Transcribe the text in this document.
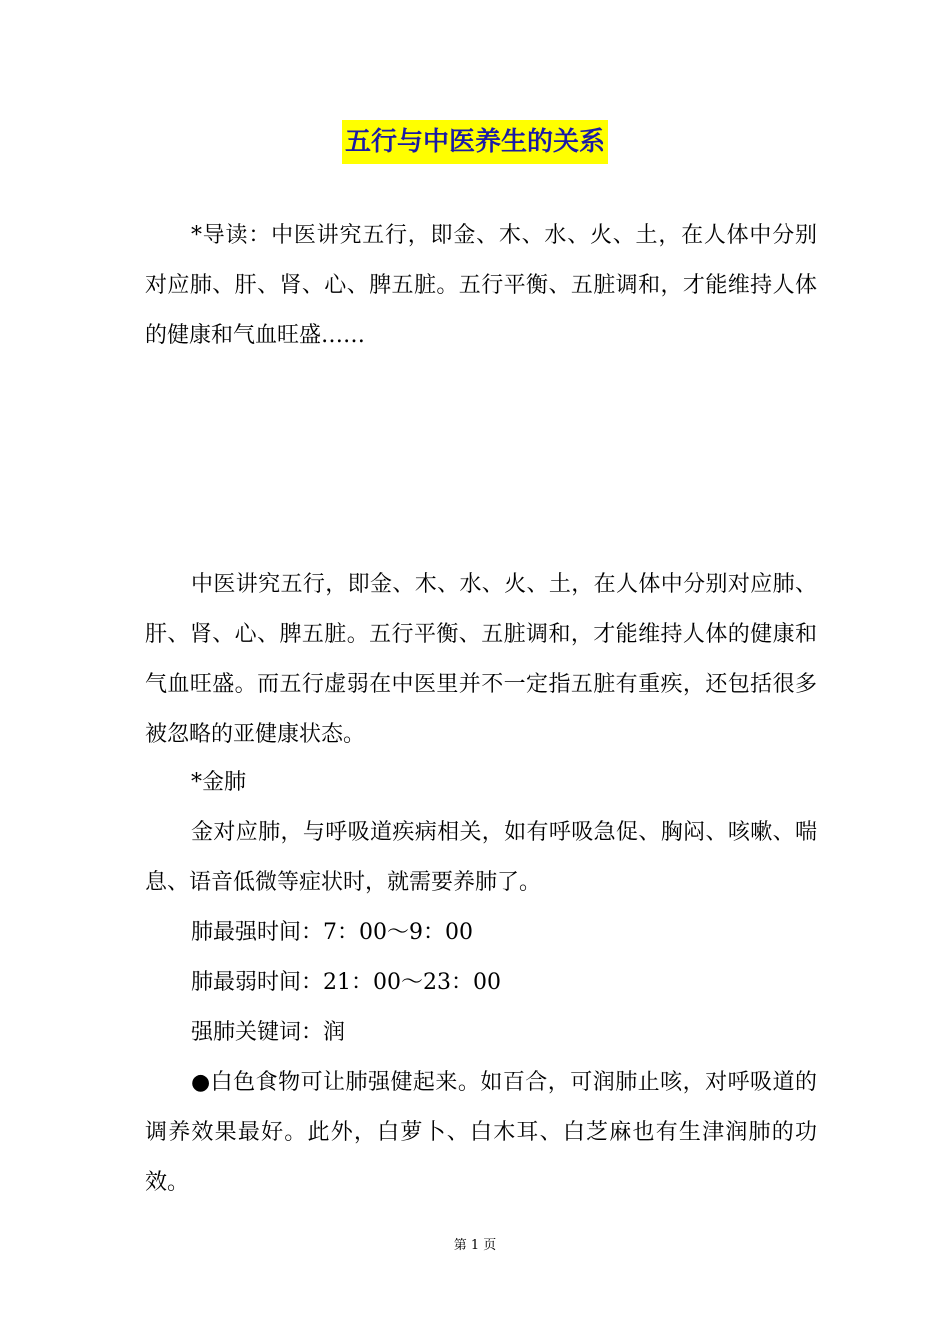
五行与中医养生的关系

*导读：中医讲究五行，即金、木、水、火、土，在人体中分别对应肺、肝、肾、心、脾五脏。五行平衡、五脏调和，才能维持人体的健康和气血旺盛……

中医讲究五行，即金、木、水、火、土，在人体中分别对应肺、肝、肾、心、脾五脏。五行平衡、五脏调和，才能维持人体的健康和气血旺盛。而五行虚弱在中医里并不一定指五脏有重疾，还包括很多被忽略的亚健康状态。

*金肺

金对应肺，与呼吸道疾病相关，如有呼吸急促、胸闷、咳嗽、喘息、语音低微等症状时，就需要养肺了。

肺最强时间：7：00～9：00

肺最弱时间：21：00～23：00

强肺关键词：润

●白色食物可让肺强健起来。如百合，可润肺止咳，对呼吸道的调养效果最好。此外，白萝卜、白木耳、白芝麻也有生津润肺的功效。

第 1 页
